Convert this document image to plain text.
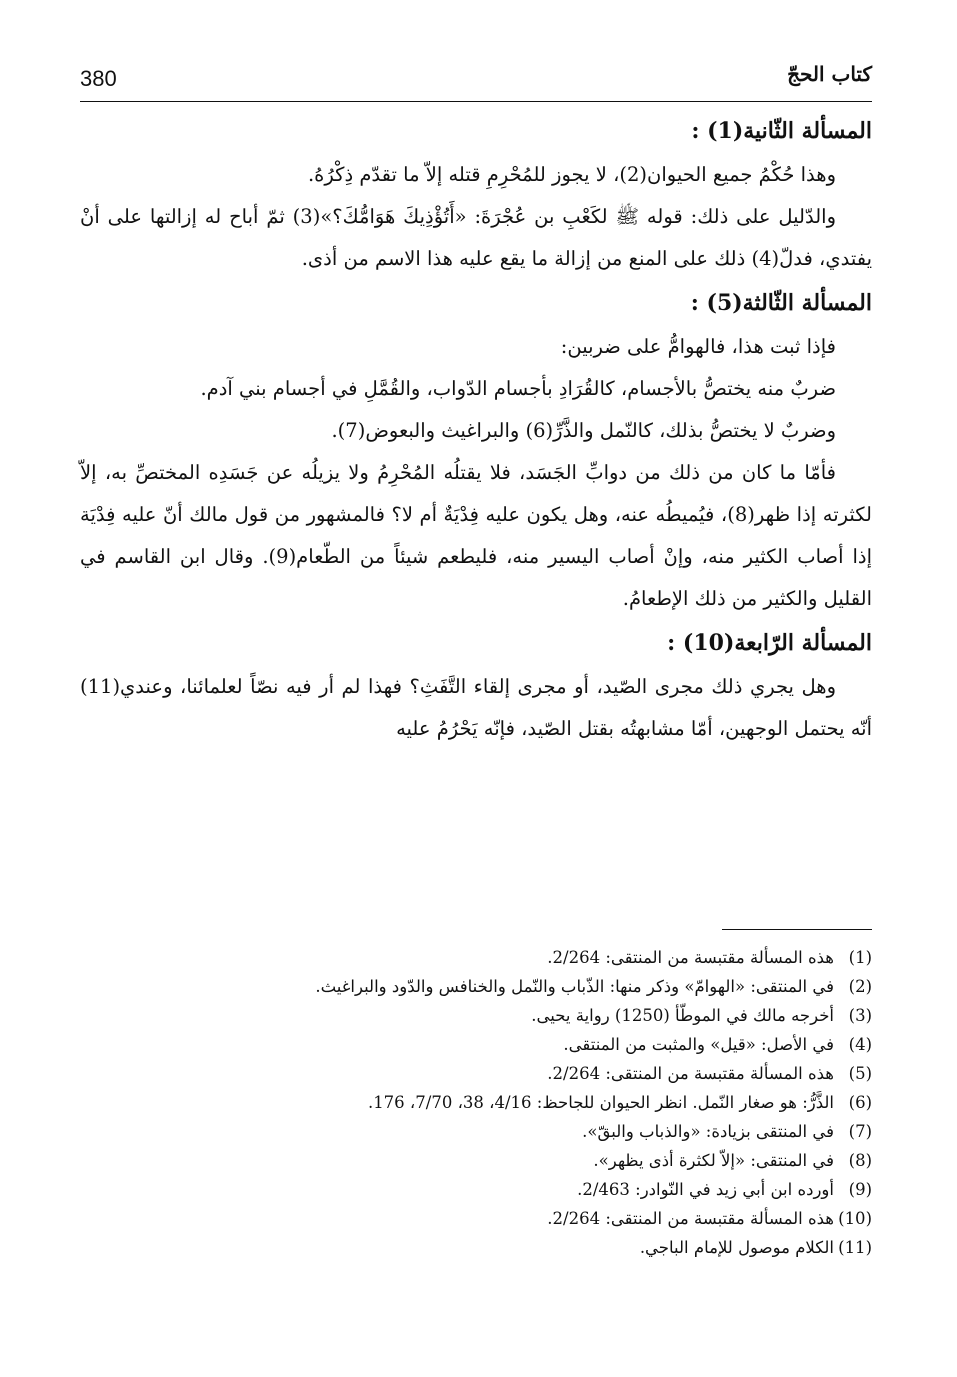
380	كتاب الحجّ
المسألة الثّانية(1) :

وهذا حُكْمُ جميع الحيوان(2)، لا يجوز للمُحْرِمِ قتله إلاّ ما تقدّم ذِكْرُهُ.

والدّليل على ذلك: قوله ﷺ لكَعْبِ بن عُجْرَةَ: «أَتُؤْذِيكَ هَوَامُّكَ؟»(3) ثمّ أباح له إزالتها على أنْ يفتدي، فدلّ(4) ذلك على المنع من إزالة ما يقع عليه هذا الاسم من أذى.

المسألة الثّالثة(5) :

فإذا ثبت هذا، فالهوامُّ على ضربين:

ضربٌ منه يختصُّ بالأجسام، كالقُرَادِ بأجسام الدّواب، والقُمَّلِ في أجسام بني آدم.

وضربٌ لا يختصُّ بذلك، كالنّمل والذَّرِّ(6) والبراغيث والبعوض(7).

فأمّا ما كان من ذلك من دوابِّ الجَسَد، فلا يقتلُه المُحْرِمُ ولا يزيلُه عن جَسَدِه المختصِّ به، إلاّ لكثرته إذا ظهر(8)، فيُميطُه عنه، وهل يكون عليه فِدْيَةٌ أم لا؟ فالمشهور من قول مالك أنّ عليه فِدْيَة إذا أصاب الكثير منه، وإنْ أصاب اليسير منه، فليطعم شيئاً من الطّعام(9). وقال ابن القاسم في القليل والكثير من ذلك الإطعامُ.

المسألة الرّابعة(10) :

وهل يجري ذلك مجرى الصّيد، أو مجرى إلقاء التَّفَثِ؟ فهذا لم أر فيه نصّاً لعلمائنا، وعندي(11) أنّه يحتمل الوجهين، أمّا مشابهتُه بقتل الصّيد، فإنّه يَحْرُمُ عليه

(1)
هذه المسألة مقتبسة من المنتقى: 2/264.
(2)
في المنتقى: «الهوامّ» وذكر منها: الذّباب والنّمل والخنافس والدّود والبراغيث.
(3)
أخرجه مالك في الموطّأ (1250) رواية يحيى.
(4)
في الأصل: «قيل» والمثبت من المنتقى.
(5)
هذه المسألة مقتبسة من المنتقى: 2/264.
(6)
الذَّرُّ: هو صغار النّمل. انظر الحيوان للجاحظ: 4/16، 38، 7/70، 176.
(7)
في المنتقى بزيادة: «والذباب والبقّ».
(8)
في المنتقى: «إلاّ لكثرة أذى يظهر».
(9)
أورده ابن أبي زيد في النّوادر: 2/463.
(10)
هذه المسألة مقتبسة من المنتقى: 2/264.
(11)
الكلام موصول للإمام الباجي.
